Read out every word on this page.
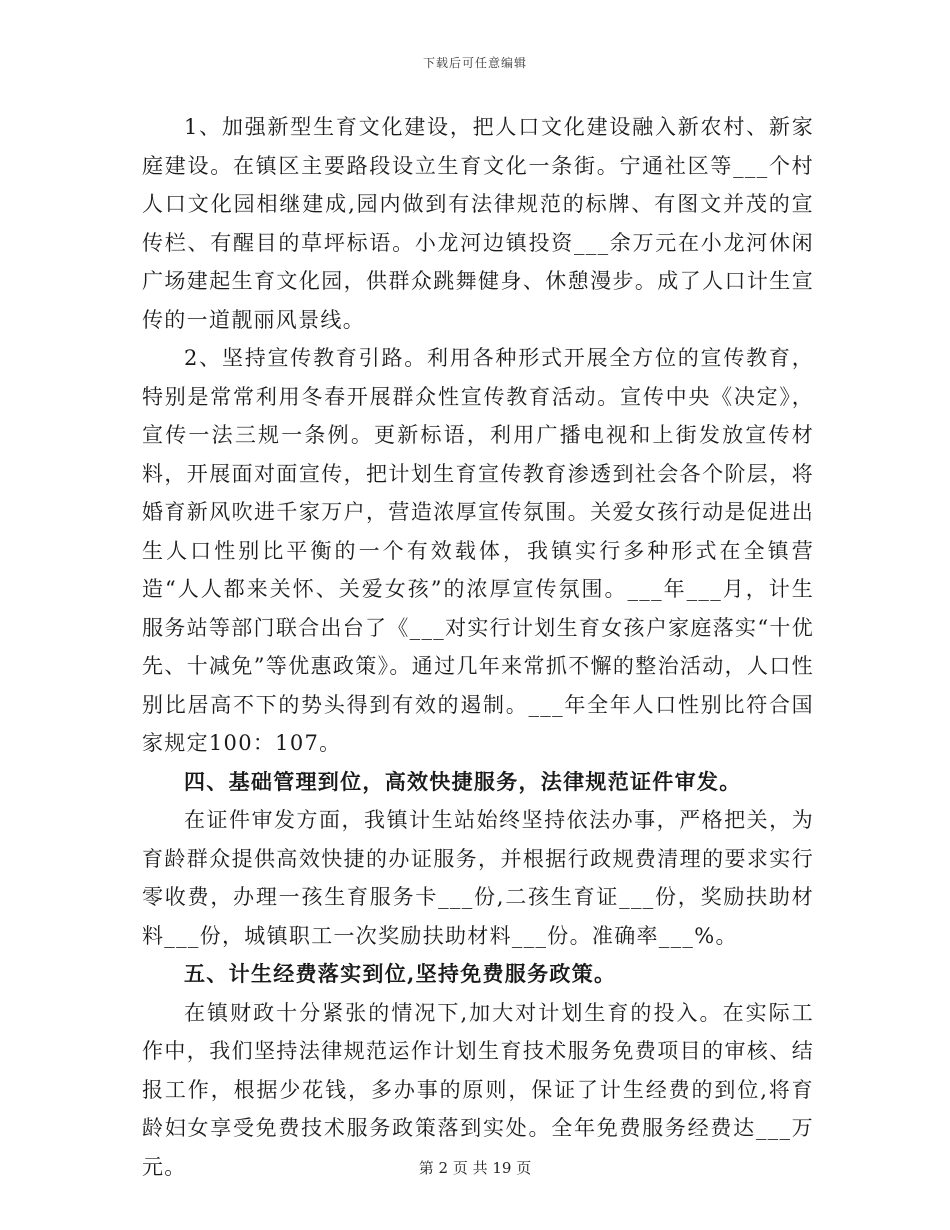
下载后可任意编辑

1、加强新型生育文化建设，把人口文化建设融入新农村、新家庭建设。在镇区主要路段设立生育文化一条街。宁通社区等___个村人口文化园相继建成,园内做到有法律规范的标牌、有图文并茂的宣传栏、有醒目的草坪标语。小龙河边镇投资___余万元在小龙河休闲广场建起生育文化园，供群众跳舞健身、休憩漫步。成了人口计生宣传的一道靓丽风景线。

2、坚持宣传教育引路。利用各种形式开展全方位的宣传教育，特别是常常利用冬春开展群众性宣传教育活动。宣传中央《决定》，宣传一法三规一条例。更新标语，利用广播电视和上街发放宣传材料，开展面对面宣传，把计划生育宣传教育渗透到社会各个阶层，将婚育新风吹进千家万户，营造浓厚宣传氛围。关爱女孩行动是促进出生人口性别比平衡的一个有效载体，我镇实行多种形式在全镇营造“人人都来关怀、关爱女孩”的浓厚宣传氛围。___年___月，计生服务站等部门联合出台了《___对实行计划生育女孩户家庭落实“十优先、十减免”等优惠政策》。通过几年来常抓不懈的整治活动，人口性别比居高不下的势头得到有效的遏制。___年全年人口性别比符合国家规定100：107。

四、基础管理到位，高效快捷服务，法律规范证件审发。

在证件审发方面，我镇计生站始终坚持依法办事，严格把关，为育龄群众提供高效快捷的办证服务，并根据行政规费清理的要求实行零收费，办理一孩生育服务卡___份,二孩生育证___份，奖励扶助材料___份，城镇职工一次奖励扶助材料___份。准确率___%。

五、计生经费落实到位,坚持免费服务政策。

在镇财政十分紧张的情况下,加大对计划生育的投入。在实际工作中，我们坚持法律规范运作计划生育技术服务免费项目的审核、结报工作，根据少花钱，多办事的原则，保证了计生经费的到位,将育龄妇女享受免费技术服务政策落到实处。全年免费服务经费达___万元。	第 2 页 共 19 页
